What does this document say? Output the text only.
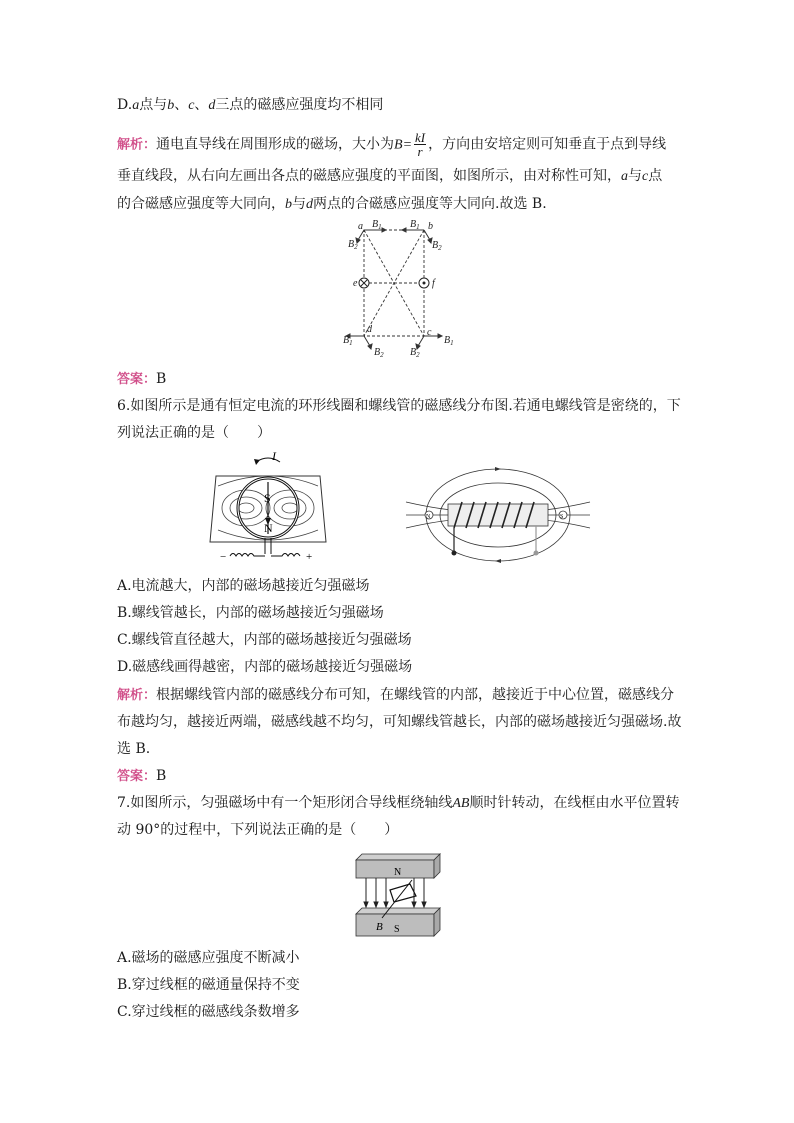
D.a点与b、c、d三点的磁感应强度均不相同
解析：通电直导线在周围形成的磁场，大小为$B= \frac{kI}{r}$ ，方向由安培定则可知垂直于点到导线
垂直线段，从右向左画出各点的磁感应强度的平面图，如图所示，由对称性可知，a与c点
的合磁感应强度等大同向，b与d两点的合磁感应强度等大同向.故选 B.
a	b
c
d
e	f
$B_1$	$B_1$
$B_2$	$B_2$
$B_1$
$B_2$	$B_2$
$B_1$
答案：B
6.如图所示是通有恒定电流的环形线圈和螺线管的磁感线分布图.若通电螺线管是密绕的，下
列说法正确的是（　　）
I
S
N
−	+
N	S
A.电流越大，内部的磁场越接近匀强磁场
B.螺线管越长，内部的磁场越接近匀强磁场
C.螺线管直径越大，内部的磁场越接近匀强磁场
D.磁感线画得越密，内部的磁场越接近匀强磁场
解析：根据螺线管内部的磁感线分布可知，在螺线管的内部，越接近于中心位置，磁感线分
布越均匀，越接近两端，磁感线越不均匀，可知螺线管越长，内部的磁场越接近匀强磁场.故
选 B.
答案：B
7.如图所示，匀强磁场中有一个矩形闭合导线框绕轴线AB顺时针转动，在线框由水平位置转
动 90°的过程中，下列说法正确的是（　　）
N
S
B
A.磁场的磁感应强度不断减小
B.穿过线框的磁通量保持不变
C.穿过线框的磁感线条数增多
